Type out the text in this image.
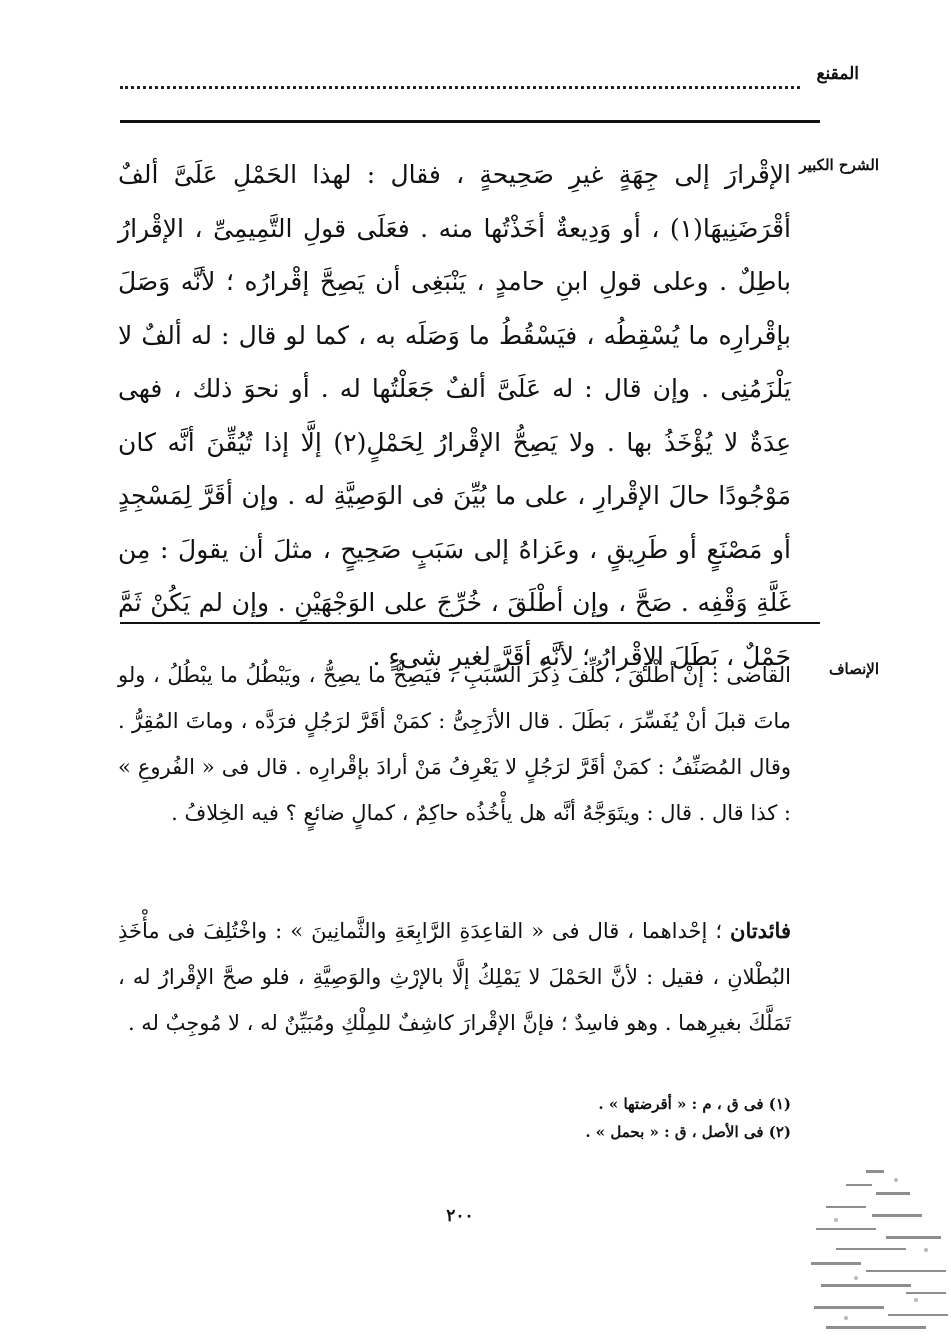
المقنع
الشرح الكبير

الإقْرارَ إلى جِهَةٍ غيرِ صَحِيحةٍ ، فقال : لهذا الحَمْلِ عَلَىَّ ألفٌ أقْرَضَنِيهَا(١) ، أو وَدِيعةٌ أخَذْتُها منه . فعَلَى قولِ التَّمِيمِىِّ ، الإقْرارُ باطِلٌ . وعلى قولِ ابنِ حامدٍ ، يَنْبَغِى أن يَصِحَّ إقْرارُه ؛ لأنَّه وَصَلَ بإقْرارِه ما يُسْقِطُه ، فيَسْقُطُ ما وَصَلَه به ، كما لو قال : له ألفٌ لا يَلْزَمُنِى . وإن قال : له عَلَىَّ ألفٌ جَعَلْتُها له . أو نحوَ ذلك ، فهى عِدَةٌ لا يُؤْخَذُ بها . ولا يَصِحُّ الإقْرارُ لِحَمْلٍ(٢) إلَّا إذا تُيُقِّنَ أنَّه كان مَوْجُودًا حالَ الإقْرارِ ، على ما بُيِّنَ فى الوَصِيَّةِ له . وإن أقَرَّ لِمَسْجِدٍ أو مَصْنَعٍ أو طَرِيقٍ ، وعَزاهُ إلى سَبَبٍ صَحِيحٍ ، مثلَ أن يقولَ : مِن غَلَّةِ وَقْفِه . صَحَّ ، وإن أطْلَقَ ، خُرِّجَ على الوَجْهَيْنِ . وإن لم يَكُنْ ثَمَّ حَمْلٌ ، بَطَلَ الإقْرارُ ؛ لأنَّه أقَرَّ لغيرِ شىءٍ .	الإنصاف

القاضى : إنْ أطْلَقَ ، كُلِّفَ ذِكْرَ السَّبَبِ ، فيَصِحُّ ما يصِحُّ ، ويَبْطُلُ ما يبْطُلُ ، ولو ماتَ قبلَ أنْ يُفَسِّرَ ، بَطَلَ . قال الأزَجِىُّ : كمَنْ أقَرَّ لرَجُلٍ فرَدَّه ، وماتَ المُقِرُّ . وقال المُصَنِّفُ : كمَنْ أقَرَّ لرَجُلٍ لا يَعْرِفُ مَنْ أرادَ بإقْرارِه . قال فى « الفُروعِ » : كذا قال . قال : ويتَوَجَّهُ أنَّه هل يأْخُذُه حاكِمٌ ، كمالٍ ضائعٍ ؟ فيه الخِلافُ .

فائدتان ؛ إحْداهما ، قال فى « القاعِدَةِ الرَّابِعَةِ والثَّمانِينَ » : واخْتُلِفَ فى مأْخَذِ البُطْلانِ ، فقيل : لأنَّ الحَمْلَ لا يَمْلِكُ إلَّا بالإرْثِ والوَصِيَّةِ ، فلو صحَّ الإقْرارُ له ، تَمَلَّكَ بغيرِهما . وهو فاسِدٌ ؛ فإنَّ الإقْرارَ كاشِفٌ للمِلْكِ ومُبَيِّنٌ له ، لا مُوجِبٌ له .

(١) فى ق ، م : « أقرضتها » .
(٢) فى الأصل ، ق : « بحمل » .
٢٠٠
